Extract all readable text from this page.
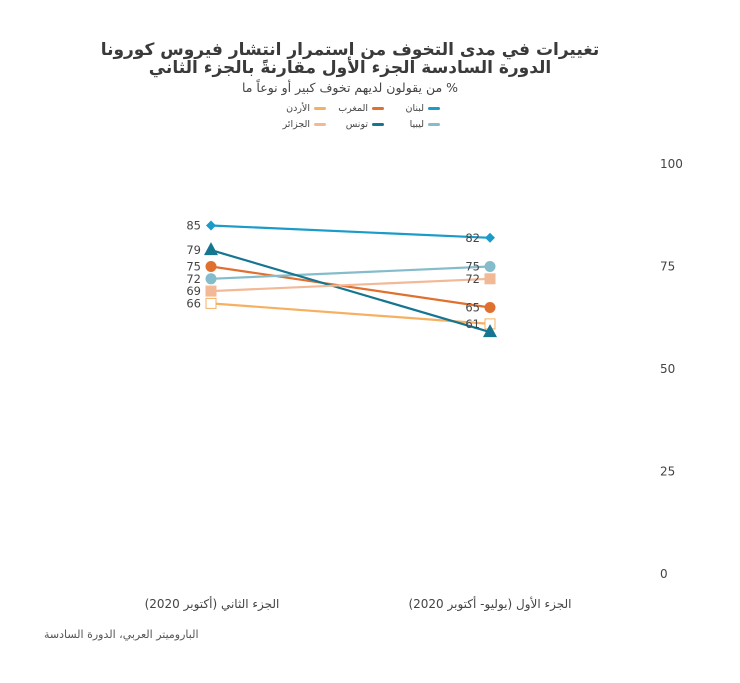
تغييرات في مدى التخوف من استمرار انتشار فيروس كورونا
الدورة السادسة الجزء الأول مقارنةً بالجزء الثاني
% من يقولون لديهم تخوف كبير أو نوعاً ما
لبنان
المغرب
الأردن
ليبيا
تونس
الجزائر
0
25
50
75
100
الجزء الثاني (أكتوبر 2020)	الجزء الأول (يوليو- أكتوبر 2020)
85
82
75
65
66
61
72
75
79
69
72
الباروميتر العربي، الدورة السادسة
